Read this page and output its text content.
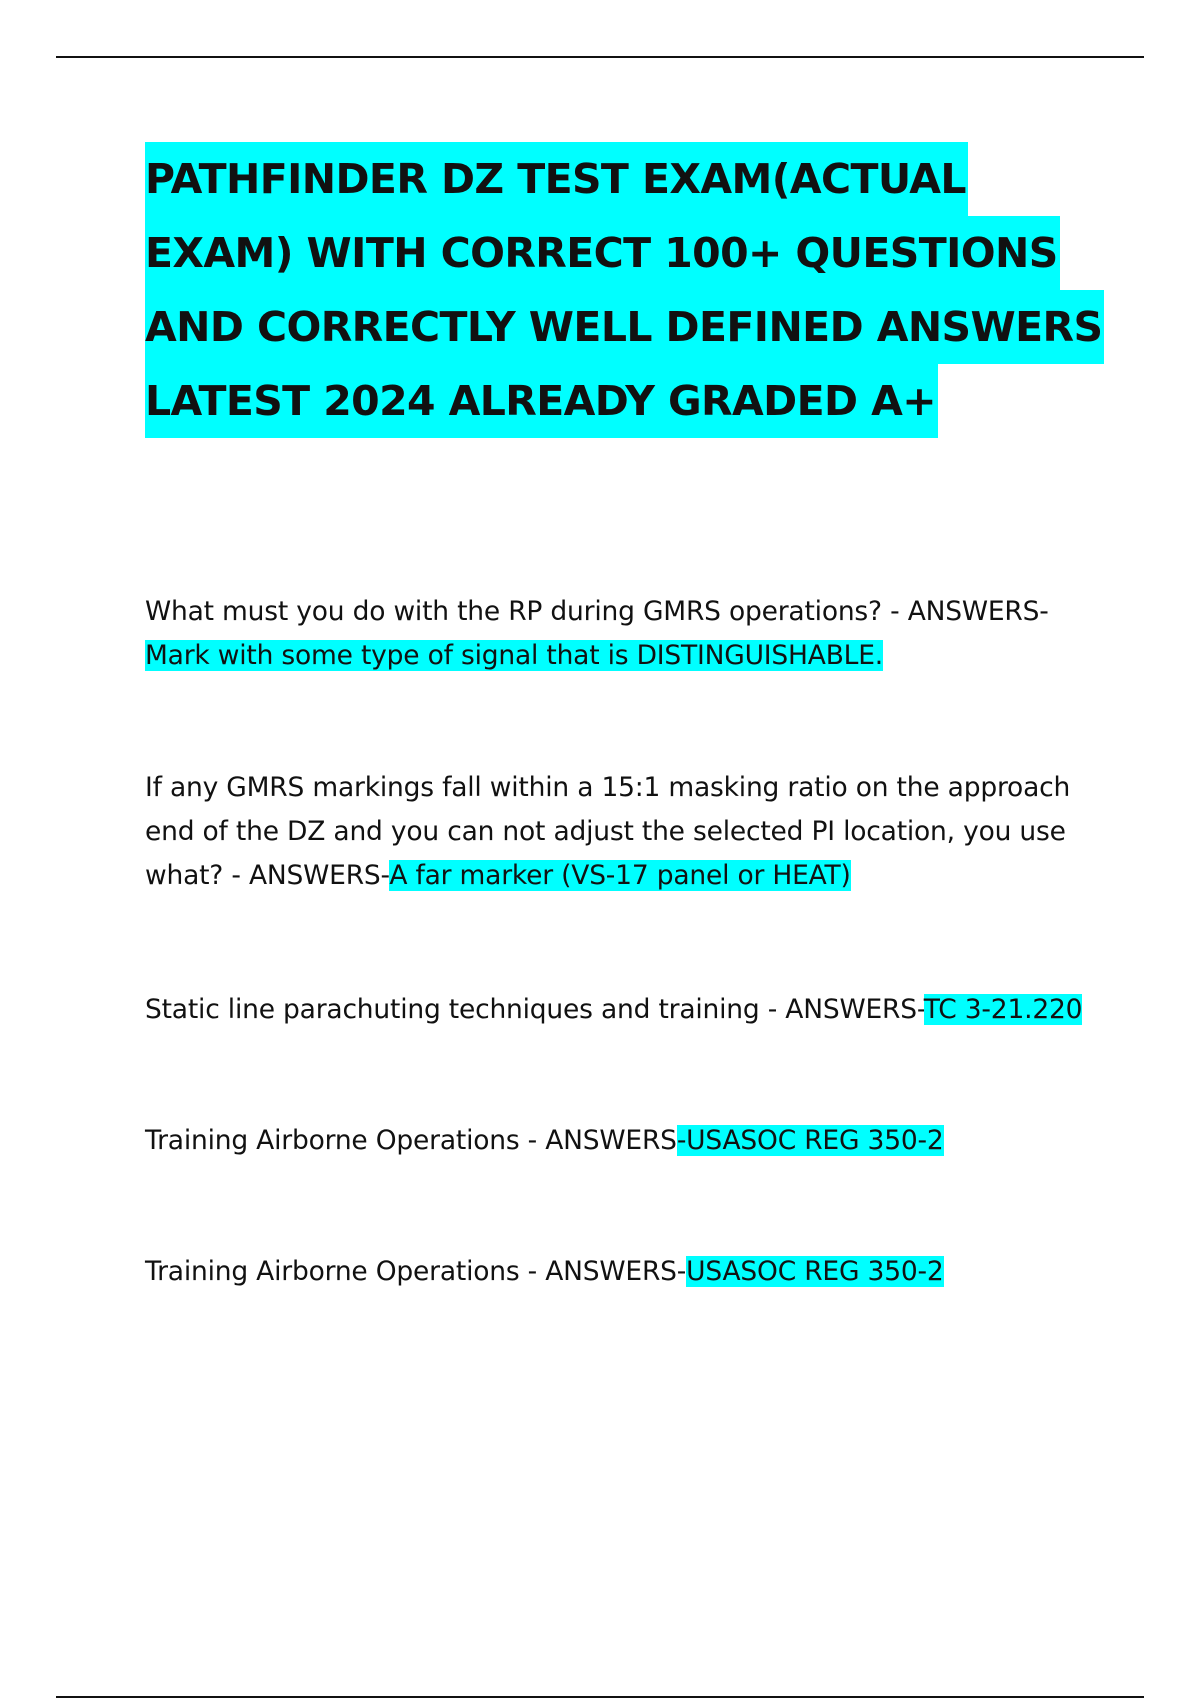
PATHFINDER DZ TEST EXAM(ACTUAL
EXAM) WITH CORRECT 100+ QUESTIONS
AND CORRECTLY WELL DEFINED ANSWERS
LATEST 2024 ALREADY GRADED A+

What must you do with the RP during GMRS operations? - ANSWERS-
Mark with some type of signal that is DISTINGUISHABLE.

If any GMRS markings fall within a 15:1 masking ratio on the approach end of the DZ and you can not adjust the selected PI location, you use what? - ANSWERS-A far marker (VS-17 panel or HEAT)

Static line parachuting techniques and training - ANSWERS-TC 3-21.220

Training Airborne Operations - ANSWERS-USASOC REG 350-2

Training Airborne Operations - ANSWERS-USASOC REG 350-2
